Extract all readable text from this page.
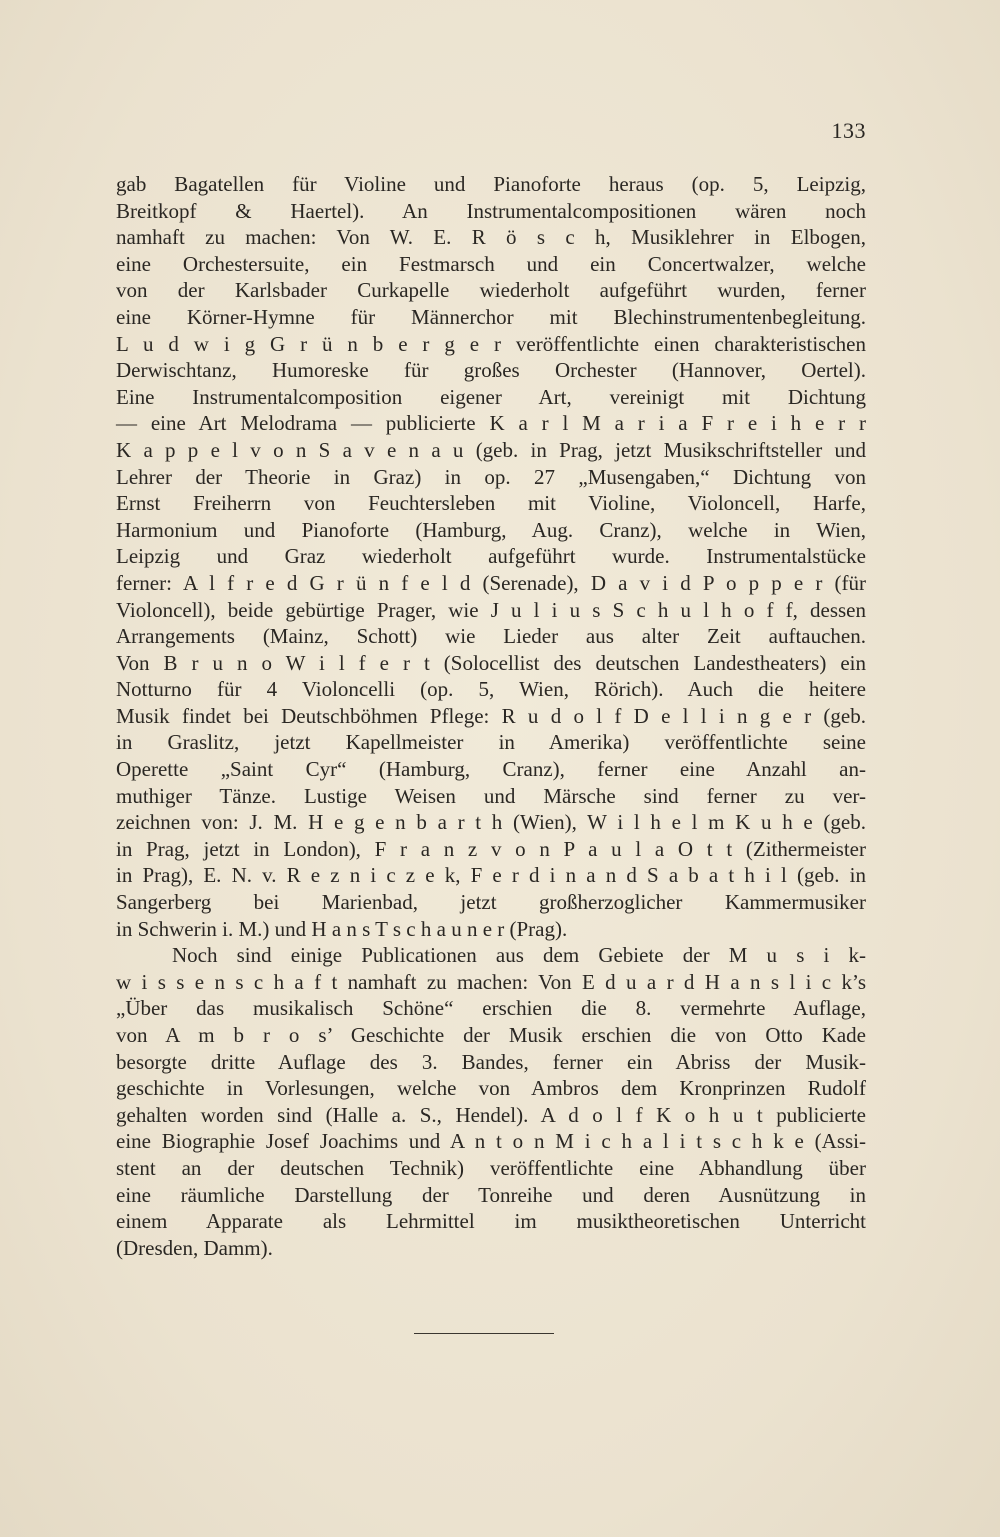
133
gab Bagatellen für Violine und Pianoforte heraus (op. 5, Leipzig,
Breitkopf & Haertel). An Instrumentalcompositionen wären noch
namhaft zu machen: Von W. E. R ö s c h, Musiklehrer in Elbogen,
eine Orchestersuite, ein Festmarsch und ein Concertwalzer, welche
von der Karlsbader Curkapelle wiederholt aufgeführt wurden, ferner
eine Körner-Hymne für Männerchor mit Blechinstrumentenbegleitung.
L u d w i g G r ü n b e r g e r veröffentlichte einen charakteristischen
Derwischtanz, Humoreske für großes Orchester (Hannover, Oertel).
Eine Instrumentalcomposition eigener Art, vereinigt mit Dichtung
— eine Art Melodrama — publicierte K a r l M a r i a F r e i h e r r
K a p p e l v o n S a v e n a u (geb. in Prag, jetzt Musikschriftsteller und
Lehrer der Theorie in Graz) in op. 27 „Musengaben,“ Dichtung von
Ernst Freiherrn von Feuchtersleben mit Violine, Violoncell, Harfe,
Harmonium und Pianoforte (Hamburg, Aug. Cranz), welche in Wien,
Leipzig und Graz wiederholt aufgeführt wurde. Instrumentalstücke
ferner: A l f r e d G r ü n f e l d (Serenade), D a v i d P o p p e r (für
Violoncell), beide gebürtige Prager, wie J u l i u s S c h u l h o f f, dessen
Arrangements (Mainz, Schott) wie Lieder aus alter Zeit auftauchen.
Von B r u n o W i l f e r t (Solocellist des deutschen Landestheaters) ein
Notturno für 4 Violoncelli (op. 5, Wien, Rörich). Auch die heitere
Musik findet bei Deutschböhmen Pflege: R u d o l f D e l l i n g e r (geb.
in Graslitz, jetzt Kapellmeister in Amerika) veröffentlichte seine
Operette „Saint Cyr“ (Hamburg, Cranz), ferner eine Anzahl an-
muthiger Tänze. Lustige Weisen und Märsche sind ferner zu ver-
zeichnen von: J. M. H e g e n b a r t h (Wien), W i l h e l m K u h e (geb.
in Prag, jetzt in London), F r a n z v o n P a u l a O t t (Zithermeister
in Prag), E. N. v. R e z n i c z e k, F e r d i n a n d S a b a t h i l (geb. in
Sangerberg bei Marienbad, jetzt großherzoglicher Kammermusiker
in Schwerin i. M.) und H a n s T s c h a u n e r (Prag).
Noch sind einige Publicationen aus dem Gebiete der M u s i k-
w i s s e n s c h a f t namhaft zu machen: Von E d u a r d H a n s l i c k’s
„Über das musikalisch Schöne“ erschien die 8. vermehrte Auflage,
von A m b r o s’ Geschichte der Musik erschien die von Otto Kade
besorgte dritte Auflage des 3. Bandes, ferner ein Abriss der Musik-
geschichte in Vorlesungen, welche von Ambros dem Kronprinzen Rudolf
gehalten worden sind (Halle a. S., Hendel). A d o l f K o h u t publicierte
eine Biographie Josef Joachims und A n t o n M i c h a l i t s c h k e (Assi-
stent an der deutschen Technik) veröffentlichte eine Abhandlung über
eine räumliche Darstellung der Tonreihe und deren Ausnützung in
einem Apparate als Lehrmittel im musiktheoretischen Unterricht
(Dresden, Damm).
